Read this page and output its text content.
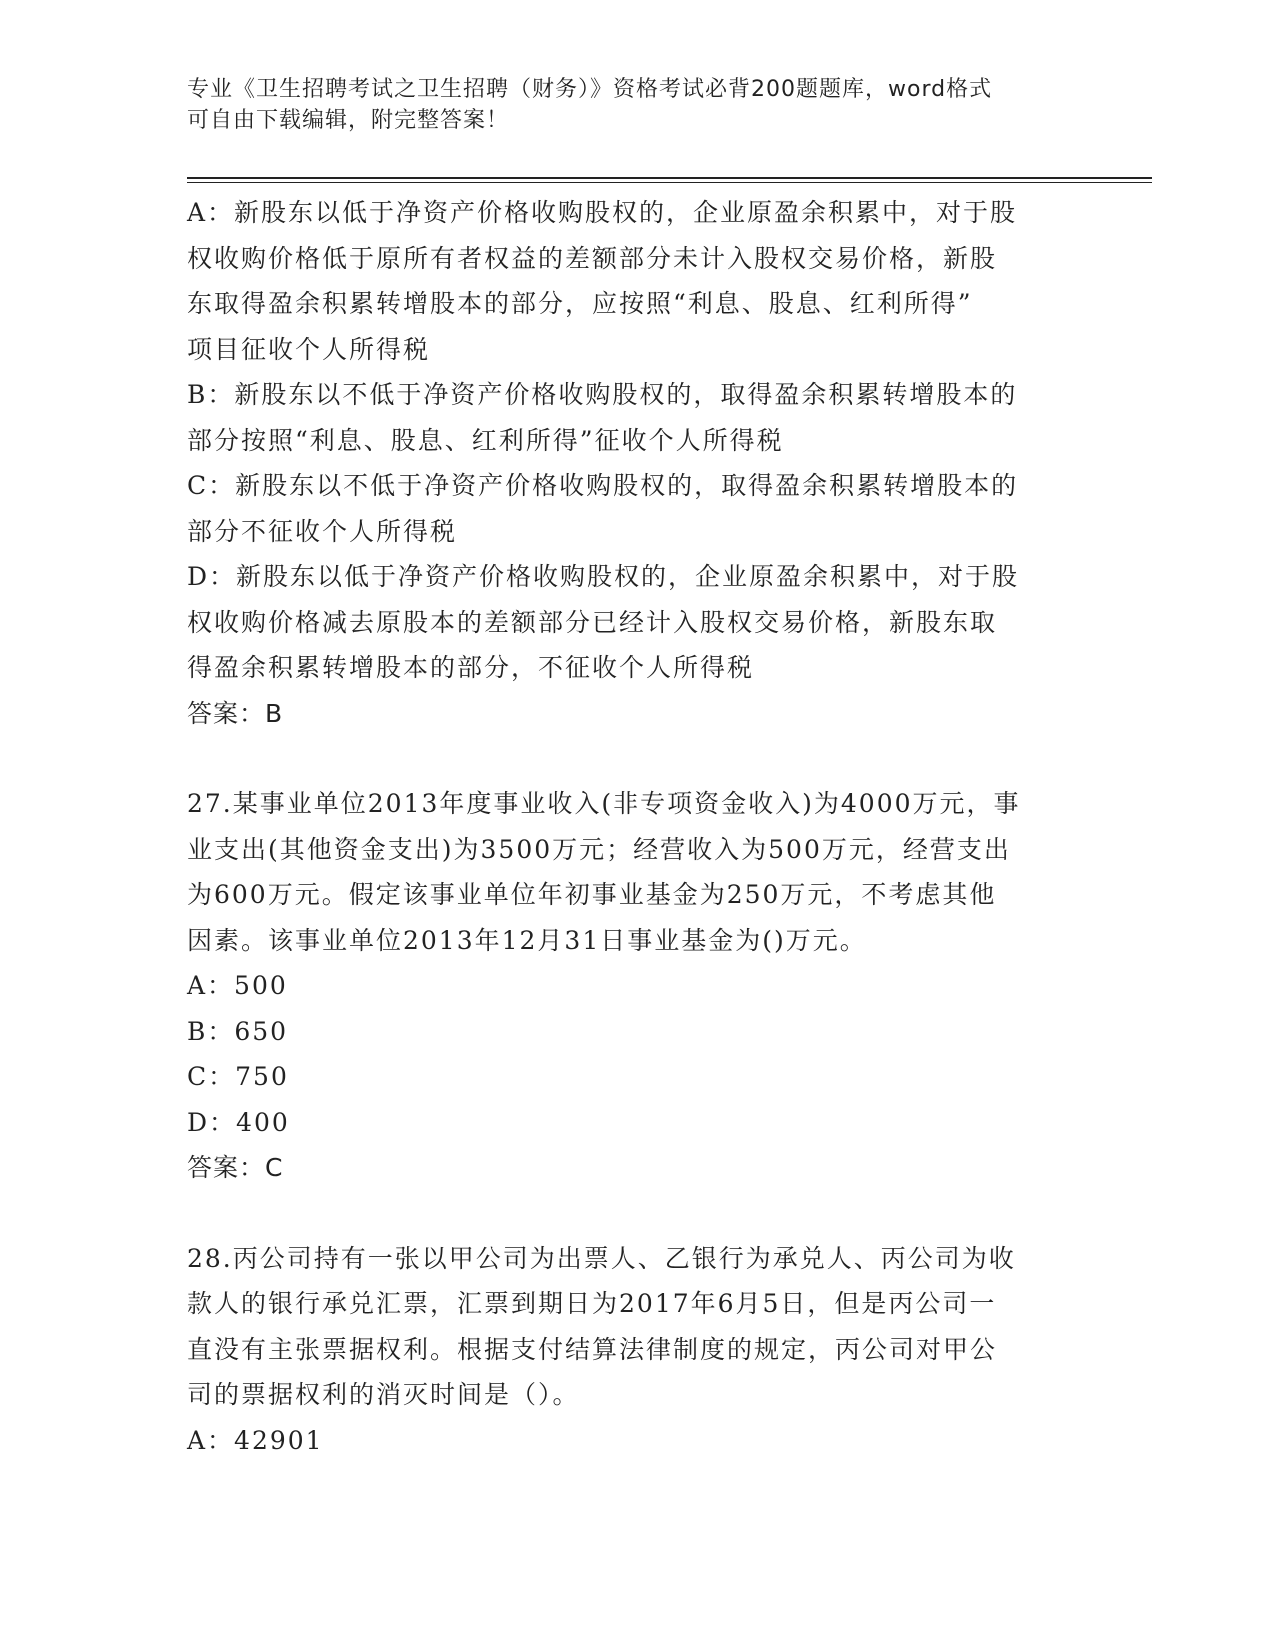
专业《卫生招聘考试之卫生招聘（财务）》资格考试必背200题题库，word格式
可自由下载编辑，附完整答案！
A：新股东以低于净资产价格收购股权的，企业原盈余积累中，对于股
权收购价格低于原所有者权益的差额部分未计入股权交易价格，新股
东取得盈余积累转增股本的部分，应按照“利息、股息、红利所得”
项目征收个人所得税
B：新股东以不低于净资产价格收购股权的，取得盈余积累转增股本的
部分按照“利息、股息、红利所得”征收个人所得税
C：新股东以不低于净资产价格收购股权的，取得盈余积累转增股本的
部分不征收个人所得税
D：新股东以低于净资产价格收购股权的，企业原盈余积累中，对于股
权收购价格减去原股本的差额部分已经计入股权交易价格，新股东取
得盈余积累转增股本的部分，不征收个人所得税
答案：B
27.某事业单位2013年度事业收入(非专项资金收入)为4000万元，事
业支出(其他资金支出)为3500万元；经营收入为500万元，经营支出
为600万元。假定该事业单位年初事业基金为250万元，不考虑其他
因素。该事业单位2013年12月31日事业基金为()万元。
A：500
B：650
C：750
D：400
答案：C
28.丙公司持有一张以甲公司为出票人、乙银行为承兑人、丙公司为收
款人的银行承兑汇票，汇票到期日为2017年6月5日，但是丙公司一
直没有主张票据权利。根据支付结算法律制度的规定，丙公司对甲公
司的票据权利的消灭时间是（）。
A：42901
